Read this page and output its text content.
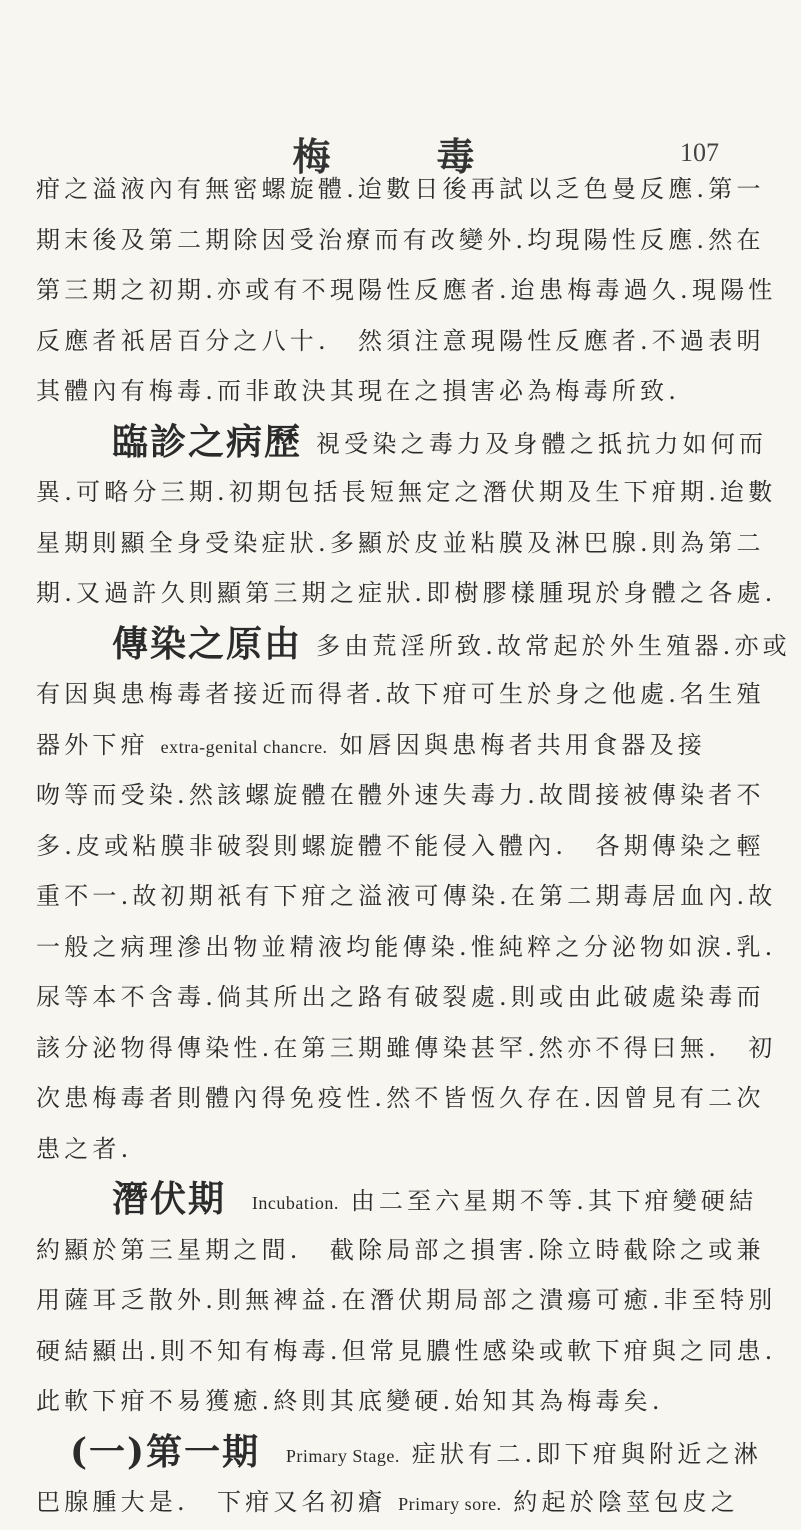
梅　毒	107
疳之溢液內有無密螺旋體.迨數日後再試以乏色曼反應.第一
期末後及第二期除因受治療而有改變外.均現陽性反應.然在
第三期之初期.亦或有不現陽性反應者.迨患梅毒過久.現陽性
反應者祇居百分之八十.　然須注意現陽性反應者.不過表明
其體內有梅毒.而非敢決其現在之損害必為梅毒所致.
臨診之病歷 視受染之毒力及身體之抵抗力如何而
異.可略分三期.初期包括長短無定之潛伏期及生下疳期.迨數
星期則顯全身受染症狀.多顯於皮並粘膜及淋巴腺.則為第二
期.又過許久則顯第三期之症狀.即樹膠樣腫現於身體之各處.
傳染之原由 多由荒淫所致.故常起於外生殖器.亦或
有因與患梅毒者接近而得者.故下疳可生於身之他處.名生殖
器外下疳 extra-genital chancre. 如唇因與患梅者共用食器及接
吻等而受染.然該螺旋體在體外速失毒力.故間接被傳染者不
多.皮或粘膜非破裂則螺旋體不能侵入體內.　各期傳染之輕
重不一.故初期祇有下疳之溢液可傳染.在第二期毒居血內.故
一般之病理滲出物並精液均能傳染.惟純粹之分泌物如淚.乳.
尿等本不含毒.倘其所出之路有破裂處.則或由此破處染毒而
該分泌物得傳染性.在第三期雖傳染甚罕.然亦不得曰無.　初
次患梅毒者則體內得免疫性.然不皆恆久存在.因曾見有二次
患之者.
潛伏期 Incubation. 由二至六星期不等.其下疳變硬結
約顯於第三星期之間.　截除局部之損害.除立時截除之或兼
用薩耳乏散外.則無裨益.在潛伏期局部之潰瘍可癒.非至特別
硬結顯出.則不知有梅毒.但常見膿性感染或軟下疳與之同患.
此軟下疳不易獲癒.終則其底變硬.始知其為梅毒矣.
(一)第一期 Primary Stage. 症狀有二.即下疳與附近之淋
巴腺腫大是.　下疳又名初瘡 Primary sore. 約起於陰莖包皮之
